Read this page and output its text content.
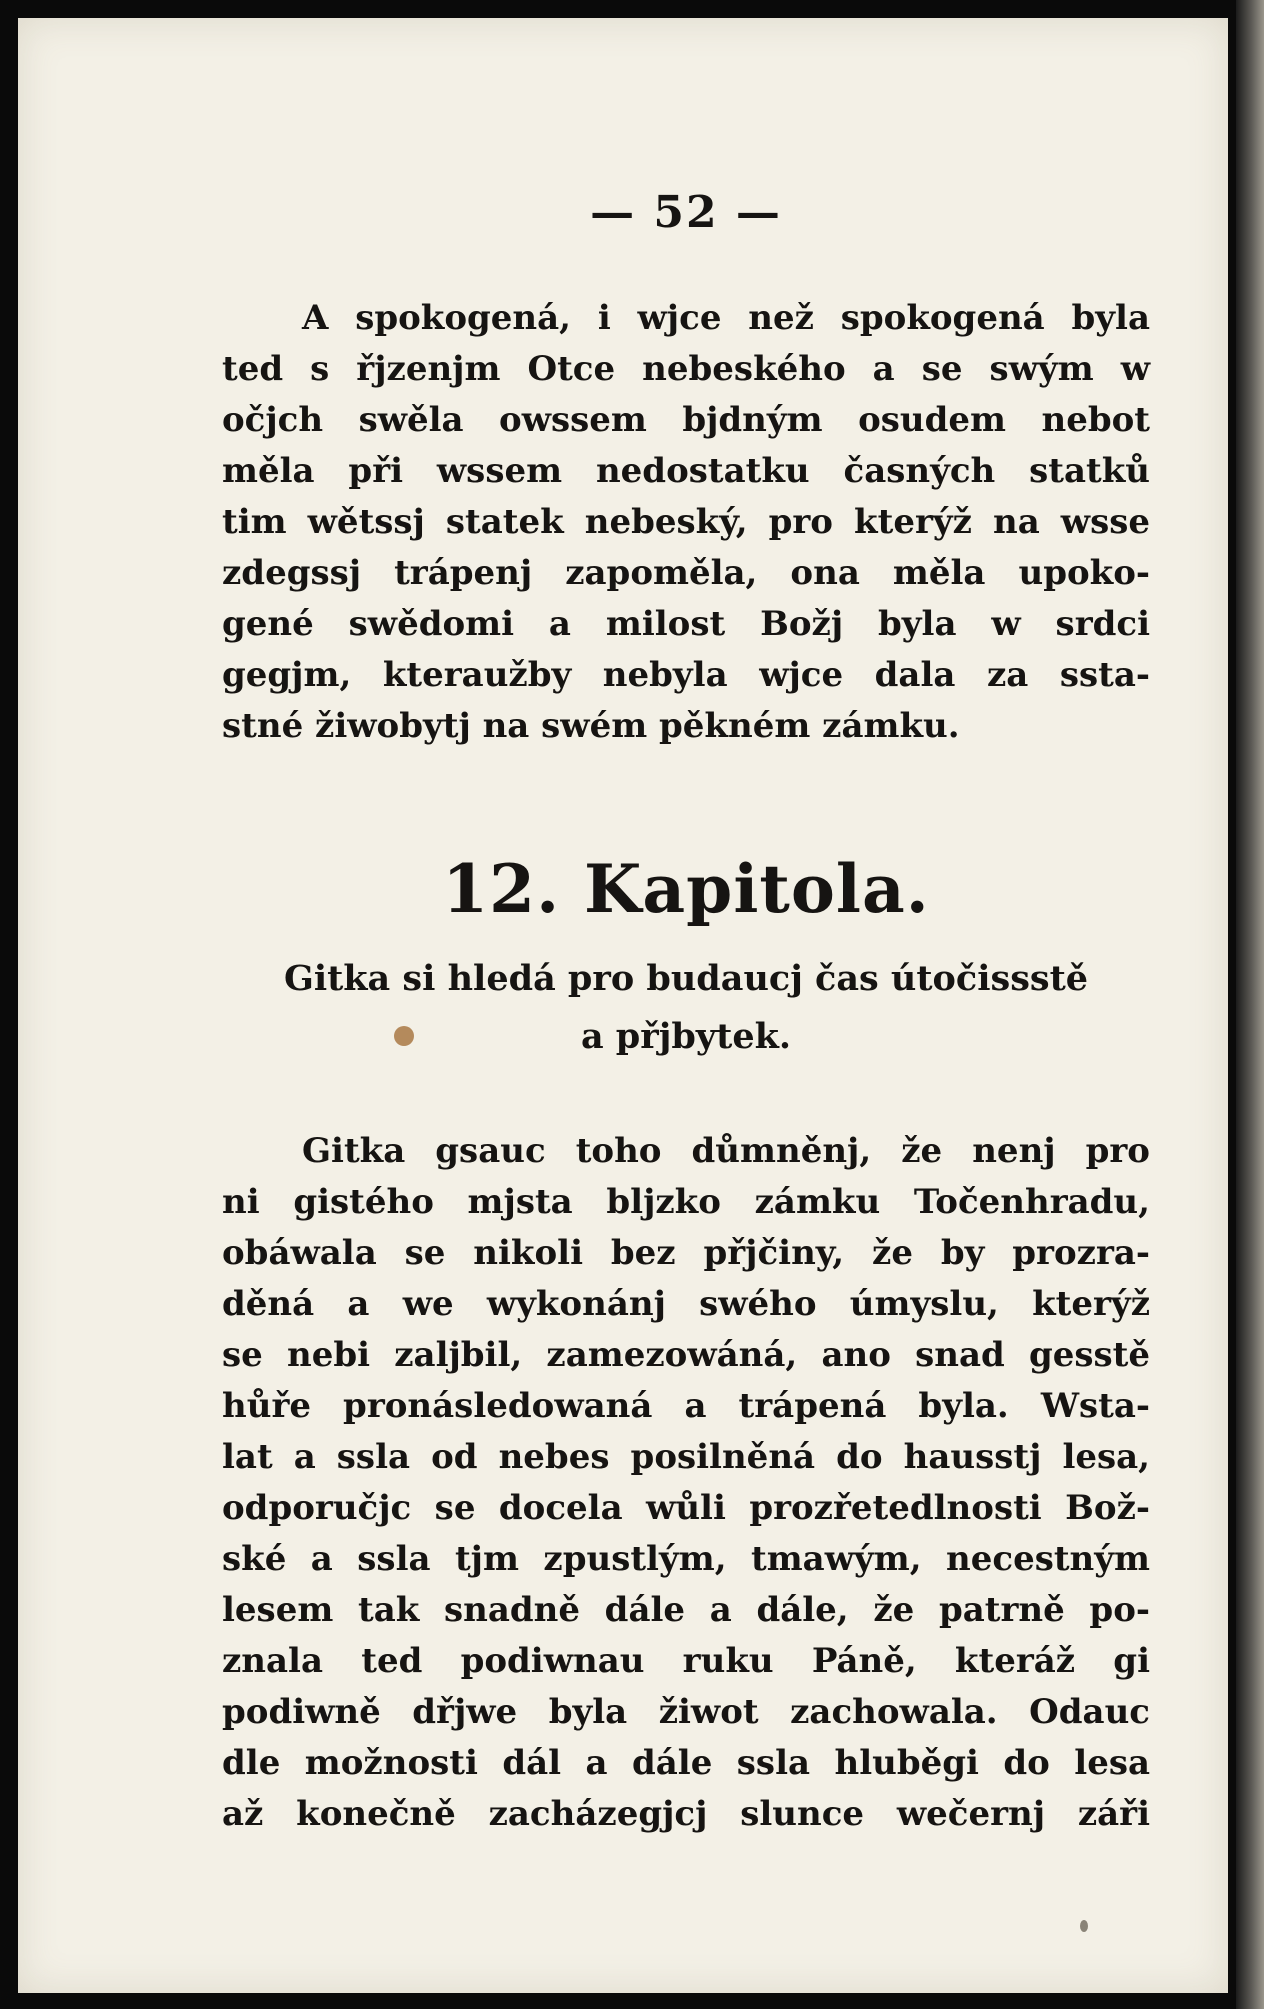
— 52 —
A spokogená, i wjce než spokogená byla
ted s řjzenjm Otce nebeského a se swým w
očjch swěla owssem bjdným osudem nebot
měla při wssem nedostatku časných statků
tim wětssj statek nebeský, pro kterýž na wsse
zdegssj trápenj zapoměla, ona měla upoko-
gené swědomi a milost Božj byla w srdci
gegjm, kteraužby nebyla wjce dala za ssta-
stné žiwobytj na swém pěkném zámku.
12. Kapitola.
Gitka si hledá pro budaucj čas útočissstě
a přjbytek.
Gitka gsauc toho důmněnj, že nenj pro
ni gistého mjsta bljzko zámku Točenhradu,
obáwala se nikoli bez přjčiny, že by prozra-
děná a we wykonánj swého úmyslu, kterýž
se nebi zaljbil, zamezowáná, ano snad gesstě
hůře pronásledowaná a trápená byla. Wsta-
lat a ssla od nebes posilněná do hausstj lesa,
odporučjc se docela wůli prozřetedlnosti Bož-
ské a ssla tjm zpustlým, tmawým, necestným
lesem tak snadně dále a dále, že patrně po-
znala ted podiwnau ruku Páně, kteráž gi
podiwně dřjwe byla žiwot zachowala. Odauc
dle možnosti dál a dále ssla hluběgi do lesa
až konečně zacházegjcj slunce wečernj záři
